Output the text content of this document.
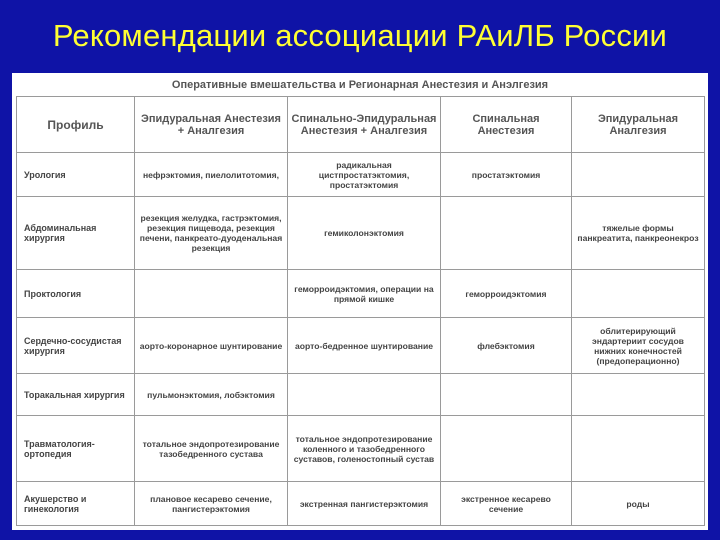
Рекомендации ассоциации РАиЛБ России
Оперативные вмешательства и Регионарная Анестезия и Анэлгезия
Профиль	Эпидуральная Анестезия + Аналгезия	Спинально-Эпидуральная Анестезия + Аналгезия	Спинальная Анестезия	Эпидуральная Аналгезия
Урология	нефрэктомия, пиелолитотомия,	радикальная цистпростатэктомия, простатэктомия	простатэктомия	
Абдоминальная хирургия	резекция желудка, гастрэктомия, резекция пищевода, резекция печени, панкреато-дуоденальная резекция	гемиколонэктомия		тяжелые формы панкреатита, панкреонекроз
Проктология		геморроидэктомия, операции на прямой кишке	геморроидэктомия	
Сердечно-сосудистая хирургия	аорто-коронарное шунтирование	аорто-бедренное шунтирование	флебэктомия	облитерирующий эндартериит сосудов нижних конечностей (предоперационно)
Торакальная хирургия	пульмонэктомия, лобэктомия			
Травматология-ортопедия	тотальное эндопротезирование тазобедренного сустава	тотальное эндопротезирование коленного и тазобедренного суставов, голеностопный сустав		
Акушерство и гинекология	плановое кесарево сечение, пангистерэктомия	экстренная пангистерэктомия	экстренное кесарево сечение	роды
